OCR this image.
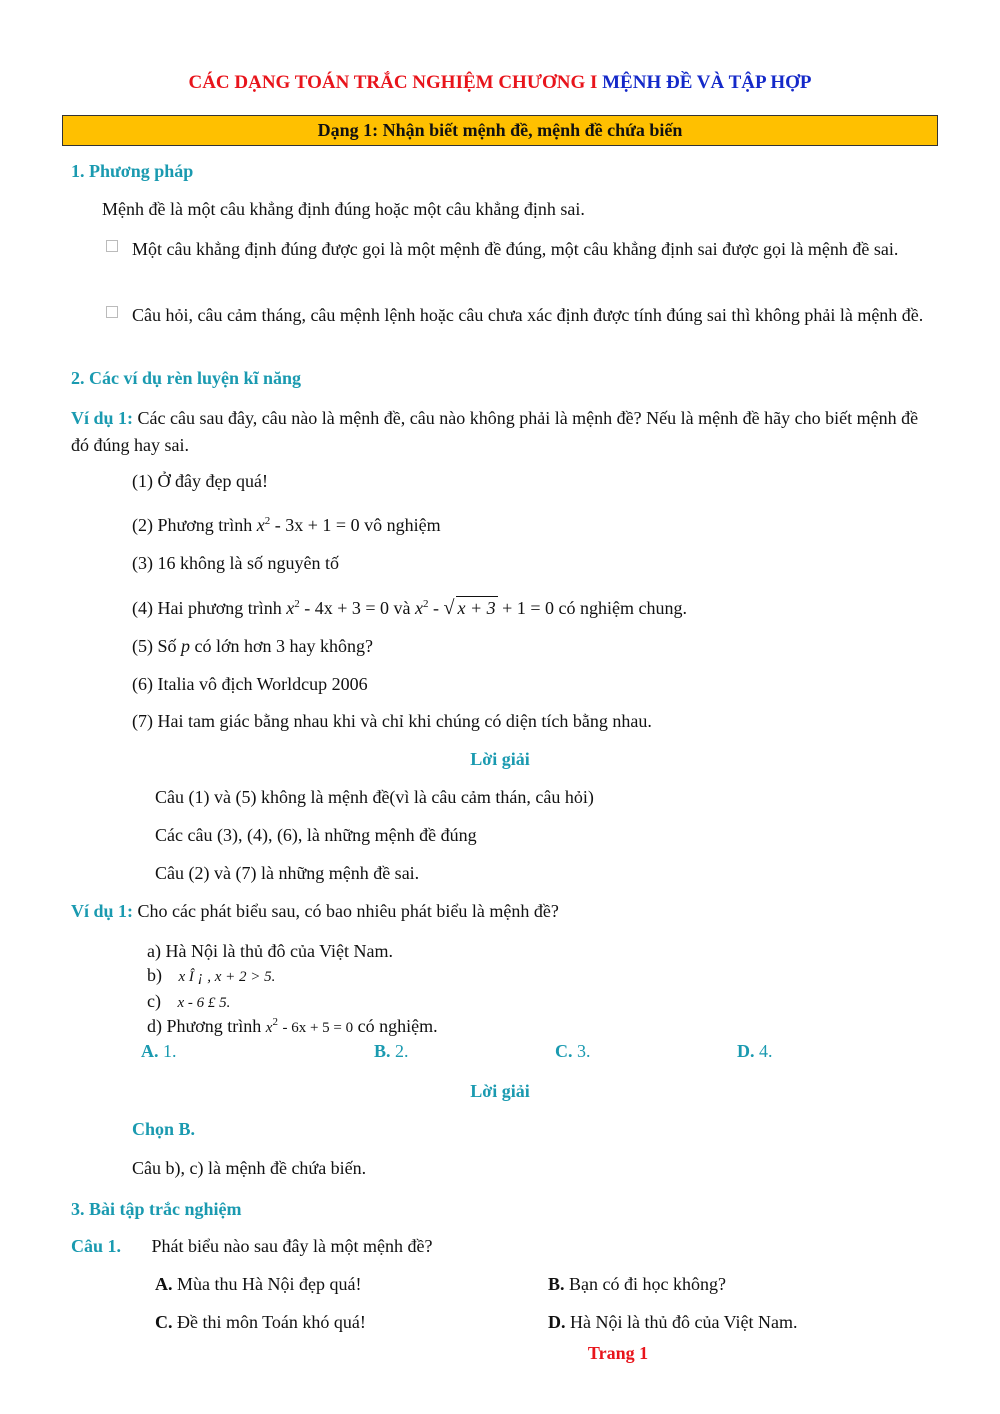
CÁC DẠNG TOÁN TRẮC NGHIỆM CHƯƠNG I MỆNH ĐỀ VÀ TẬP HỢP
Dạng 1: Nhận biết mệnh đề, mệnh đề chứa biến
1. Phương pháp
Mệnh đề là một câu khẳng định đúng hoặc một câu khẳng định sai.
Một câu khẳng định đúng được gọi là một mệnh đề đúng, một câu khẳng định sai được gọi là mệnh đề sai.
Câu hỏi, câu cảm tháng, câu mệnh lệnh hoặc câu chưa xác định được tính đúng sai thì không phải là mệnh đề.
2. Các ví dụ rèn luyện kĩ năng
Ví dụ 1: Các câu sau đây, câu nào là mệnh đề, câu nào không phải là mệnh đề? Nếu là mệnh đề hãy cho biết mệnh đề đó đúng hay sai.
(1) Ở đây đẹp quá!
(2) Phương trình $x^2 - 3x + 1 = 0$ vô nghiệm
(3) 16 không là số nguyên tố
(4) Hai phương trình $x^2 - 4x + 3 = 0$ và $x^2$ - √ x + 3 + 1 = 0 có nghiệm chung.
(5) Số p có lớn hơn 3 hay không?
(6) Italia vô địch Worldcup 2006
(7) Hai tam giác bằng nhau khi và chỉ khi chúng có diện tích bằng nhau.
Lời giải
Câu (1) và (5) không là mệnh đề(vì là câu cảm thán, câu hỏi)
Các câu (3), (4), (6), là những mệnh đề đúng
Câu (2) và (7) là những mệnh đề sai.
Ví dụ 1: Cho các phát biểu sau, có bao nhiêu phát biểu là mệnh đề?
a) Hà Nội là thủ đô của Việt Nam.
b) x Î ¡ , x + 2 > 5.
c) x - 6 £ 5.
d) Phương trình $x^2 - 6x + 5 = 0$ có nghiệm.
A. 1.	B. 2.	C. 3.	D. 4.
Lời giải
Chọn B.
Câu b), c) là mệnh đề chứa biến.
3. Bài tập trắc nghiệm
Câu 1. Phát biểu nào sau đây là một mệnh đề?
A. Mùa thu Hà Nội đẹp quá!	B. Bạn có đi học không?
C. Đề thi môn Toán khó quá!	D. Hà Nội là thủ đô của Việt Nam.
Trang 1
